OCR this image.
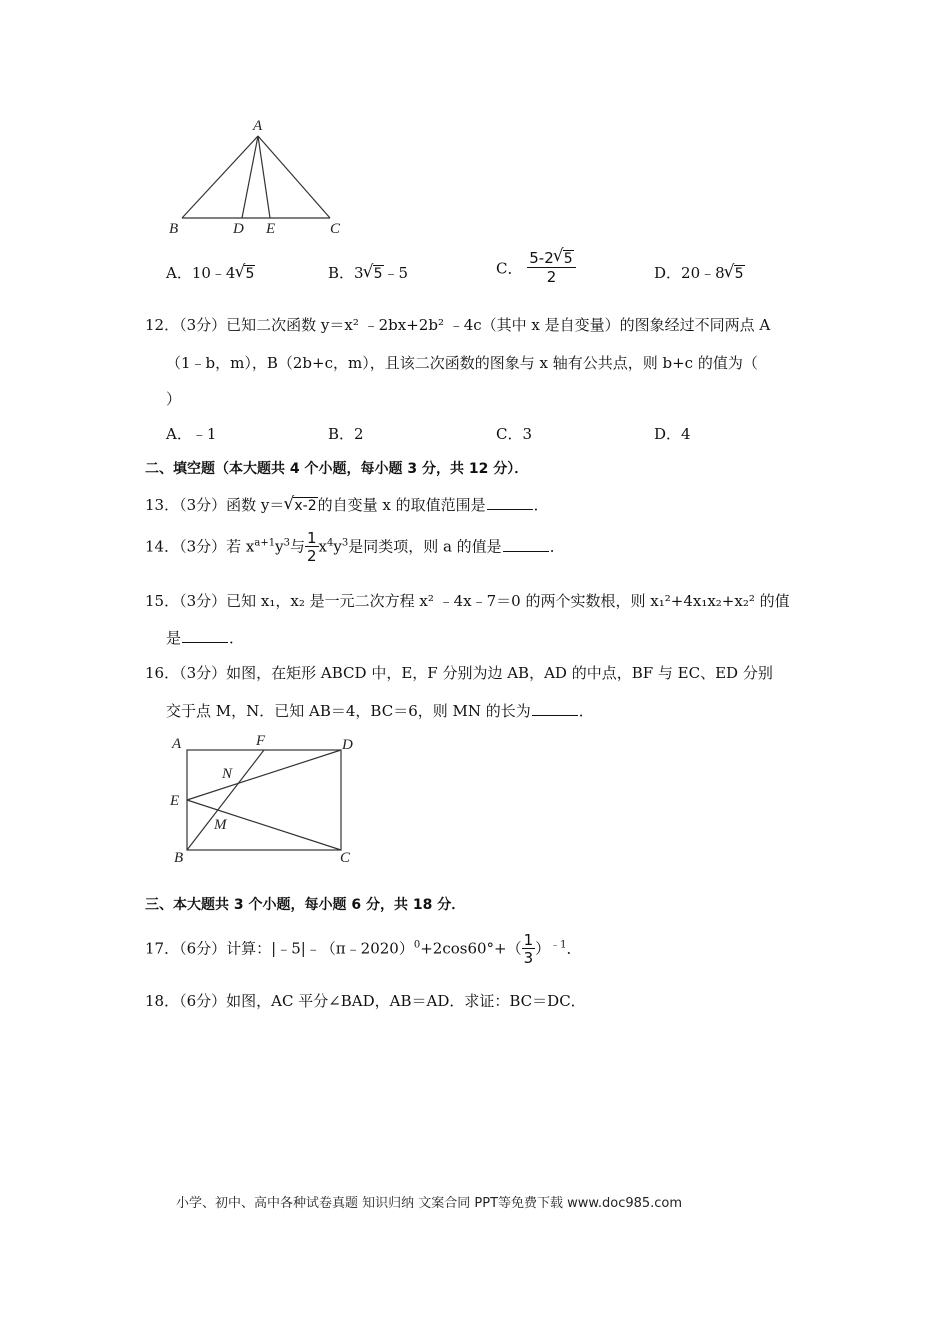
A
B	D E	C
A．10﹣4 √ 5	B．3 √ 5﹣5	C． $\frac{5-2 √ 5}{2}$	D．20﹣8 √ 5
12．（3分）已知二次函数 y＝x² ﹣2bx+2b² ﹣4c（其中 x 是自变量）的图象经过不同两点 A
（1﹣b，m），B（2b+c，m），且该二次函数的图象与 x 轴有公共点，则 b+c 的值为（
）
A．﹣1	B．2	C．3	D．4
二、填空题（本大题共 4 个小题，每小题 3 分，共 12 分）．
13．（3分）函数 y＝ √ x-2的自变量 x 的取值范围是	．
14．（3分）若 $x^{a+1}y^3$与 $\frac{1}{2} x^4y^3$是同类项，则 a 的值是	．
15．（3分）已知 x₁，x₂ 是一元二次方程 x² ﹣4x﹣7＝0 的两个实数根，则 x₁²+4x₁x₂+x₂² 的值
是	．
16．（3分）如图，在矩形 ABCD 中，E，F 分别为边 AB，AD 的中点，BF 与 EC、ED 分别
交于点 M，N．已知 AB＝4，BC＝6，则 MN 的长为	．
A	F	D
N
E
M
B	C
三、本大题共 3 个小题，每小题 6 分，共 18 分．
17．（6分）计算：|﹣5|﹣（π﹣2020）$^0$+2cos60°+（ $\frac{1}{3} )^{﹣1}$．
18．（6分）如图，AC 平分∠BAD，AB＝AD．求证：BC＝DC．
小学、初中、高中各种试卷真题 知识归纳 文案合同 PPT等免费下载 www.doc985.com
